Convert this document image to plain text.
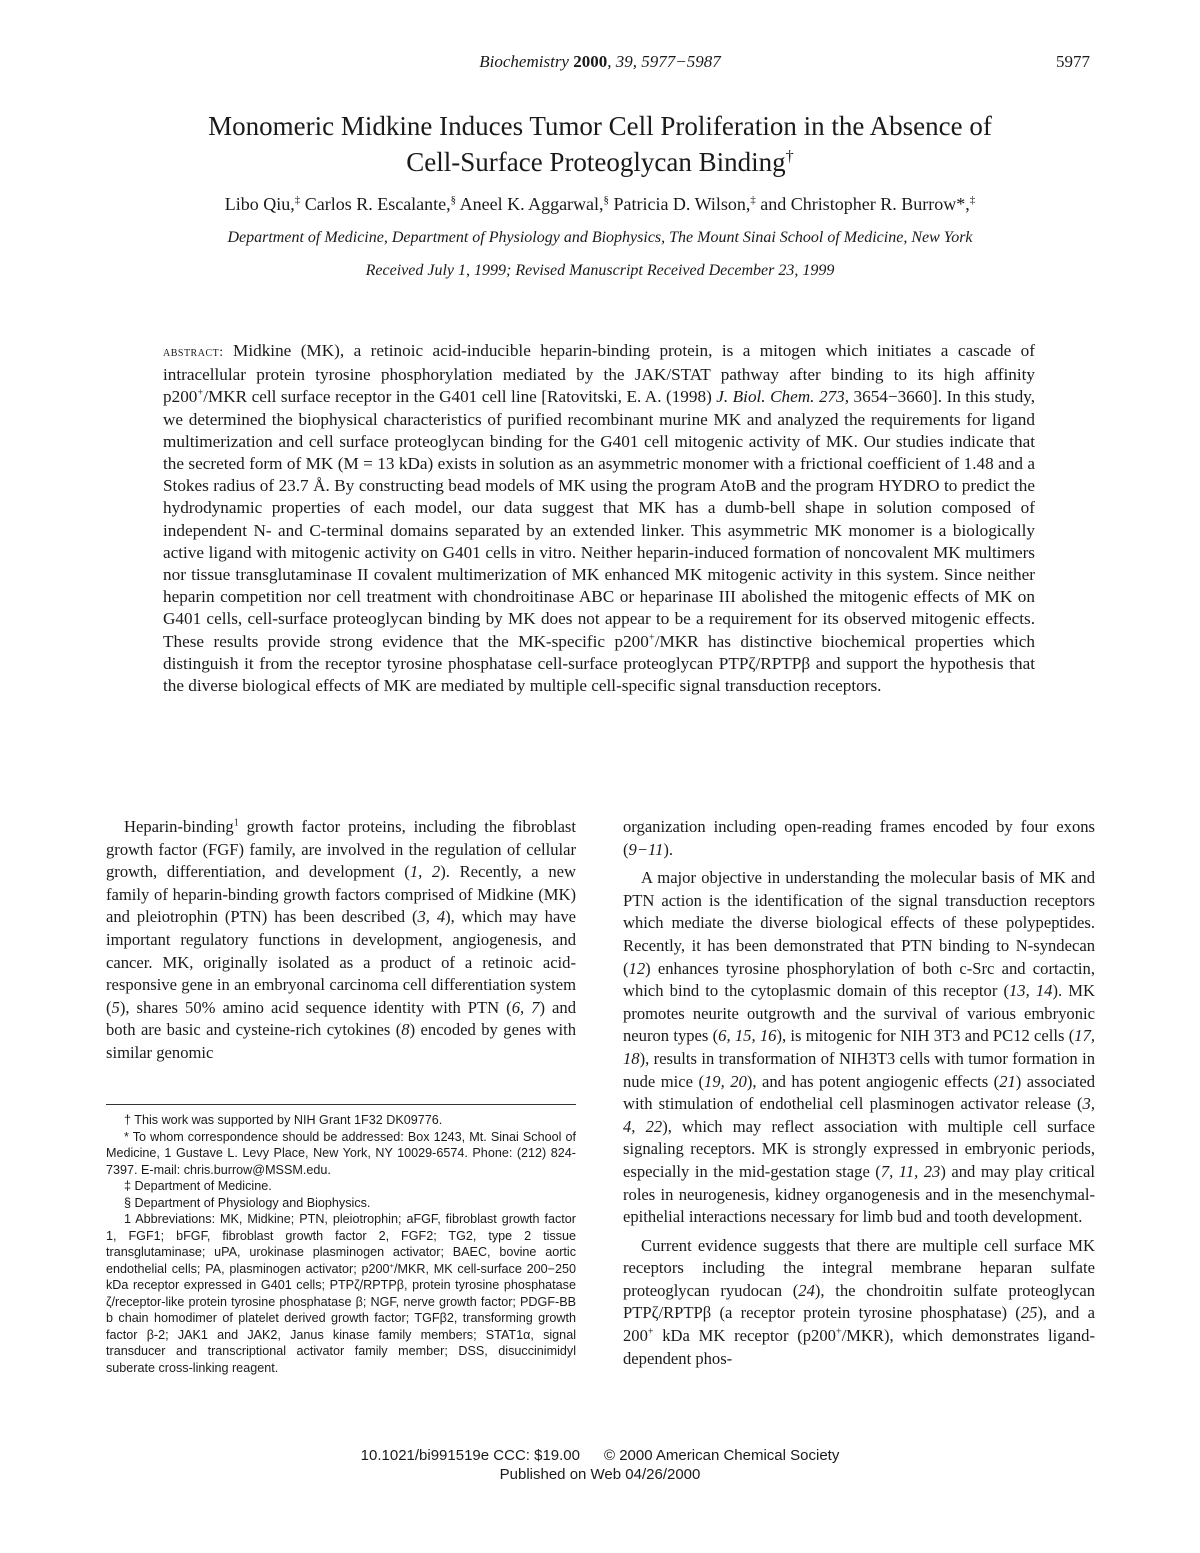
Biochemistry 2000, 39, 5977−5987	5977
Monomeric Midkine Induces Tumor Cell Proliferation in the Absence of
Cell-Surface Proteoglycan Binding†
Libo Qiu,‡ Carlos R. Escalante,§ Aneel K. Aggarwal,§ Patricia D. Wilson,‡ and Christopher R. Burrow*,‡
Department of Medicine, Department of Physiology and Biophysics, The Mount Sinai School of Medicine, New York
Received July 1, 1999; Revised Manuscript Received December 23, 1999
abstract: Midkine (MK), a retinoic acid-inducible heparin-binding protein, is a mitogen which initiates a cascade of intracellular protein tyrosine phosphorylation mediated by the JAK/STAT pathway after binding to its high affinity p200+/MKR cell surface receptor in the G401 cell line [Ratovitski, E. A. (1998) J. Biol. Chem. 273, 3654−3660]. In this study, we determined the biophysical characteristics of purified recombinant murine MK and analyzed the requirements for ligand multimerization and cell surface proteoglycan binding for the G401 cell mitogenic activity of MK. Our studies indicate that the secreted form of MK (M = 13 kDa) exists in solution as an asymmetric monomer with a frictional coefficient of 1.48 and a Stokes radius of 23.7 Å. By constructing bead models of MK using the program AtoB and the program HYDRO to predict the hydrodynamic properties of each model, our data suggest that MK has a dumb-bell shape in solution composed of independent N- and C-terminal domains separated by an extended linker. This asymmetric MK monomer is a biologically active ligand with mitogenic activity on G401 cells in vitro. Neither heparin-induced formation of noncovalent MK multimers nor tissue transglutaminase II covalent multimerization of MK enhanced MK mitogenic activity in this system. Since neither heparin competition nor cell treatment with chondroitinase ABC or heparinase III abolished the mitogenic effects of MK on G401 cells, cell-surface proteoglycan binding by MK does not appear to be a requirement for its observed mitogenic effects. These results provide strong evidence that the MK-specific p200+/MKR has distinctive biochemical properties which distinguish it from the receptor tyrosine phosphatase cell-surface proteoglycan PTPζ/RPTPβ and support the hypothesis that the diverse biological effects of MK are mediated by multiple cell-specific signal transduction receptors.

Heparin-binding$^1$ growth factor proteins, including the fibroblast growth factor (FGF) family, are involved in the regulation of cellular growth, differentiation, and development (1, 2). Recently, a new family of heparin-binding growth factors comprised of Midkine (MK) and pleiotrophin (PTN) has been described (3, 4), which may have important regulatory functions in development, angiogenesis, and cancer. MK, originally isolated as a product of a retinoic acid-responsive gene in an embryonal carcinoma cell differentiation system (5), shares 50% amino acid sequence identity with PTN (6, 7) and both are basic and cysteine-rich cytokines (8) encoded by genes with similar genomic

† This work was supported by NIH Grant 1F32 DK09776.

* To whom correspondence should be addressed: Box 1243, Mt. Sinai School of Medicine, 1 Gustave L. Levy Place, New York, NY 10029-6574. Phone: (212) 824-7397. E-mail: chris.burrow@MSSM.edu.

‡ Department of Medicine.

§ Department of Physiology and Biophysics.

1 Abbreviations: MK, Midkine; PTN, pleiotrophin; aFGF, fibroblast growth factor 1, FGF1; bFGF, fibroblast growth factor 2, FGF2; TG2, type 2 tissue transglutaminase; uPA, urokinase plasminogen activator; BAEC, bovine aortic endothelial cells; PA, plasminogen activator; p200+/MKR, MK cell-surface 200−250 kDa receptor expressed in G401 cells; PTPζ/RPTPβ, protein tyrosine phosphatase ζ/receptor-like protein tyrosine phosphatase β; NGF, nerve growth factor; PDGF-BB b chain homodimer of platelet derived growth factor; TGFβ2, transforming growth factor β-2; JAK1 and JAK2, Janus kinase family members; STAT1α, signal transducer and transcriptional activator family member; DSS, disuccinimidyl suberate cross-linking reagent.

organization including open-reading frames encoded by four exons (9−11).

A major objective in understanding the molecular basis of MK and PTN action is the identification of the signal transduction receptors which mediate the diverse biological effects of these polypeptides. Recently, it has been demonstrated that PTN binding to N-syndecan (12) enhances tyrosine phosphorylation of both c-Src and cortactin, which bind to the cytoplasmic domain of this receptor (13, 14). MK promotes neurite outgrowth and the survival of various embryonic neuron types (6, 15, 16), is mitogenic for NIH 3T3 and PC12 cells (17, 18), results in transformation of NIH3T3 cells with tumor formation in nude mice (19, 20), and has potent angiogenic effects (21) associated with stimulation of endothelial cell plasminogen activator release (3, 4, 22), which may reflect association with multiple cell surface signaling receptors. MK is strongly expressed in embryonic periods, especially in the mid-gestation stage (7, 11, 23) and may play critical roles in neurogenesis, kidney organogenesis and in the mesenchymal-epithelial interactions necessary for limb bud and tooth development.

Current evidence suggests that there are multiple cell surface MK receptors including the integral membrane heparan sulfate proteoglycan ryudocan (24), the chondroitin sulfate proteoglycan PTPζ/RPTPβ (a receptor protein tyrosine phosphatase) (25), and a 200+ kDa MK receptor (p200+/MKR), which demonstrates ligand-dependent phos-

10.1021/bi991519e CCC: $19.00 © 2000 American Chemical Society
Published on Web 04/26/2000
